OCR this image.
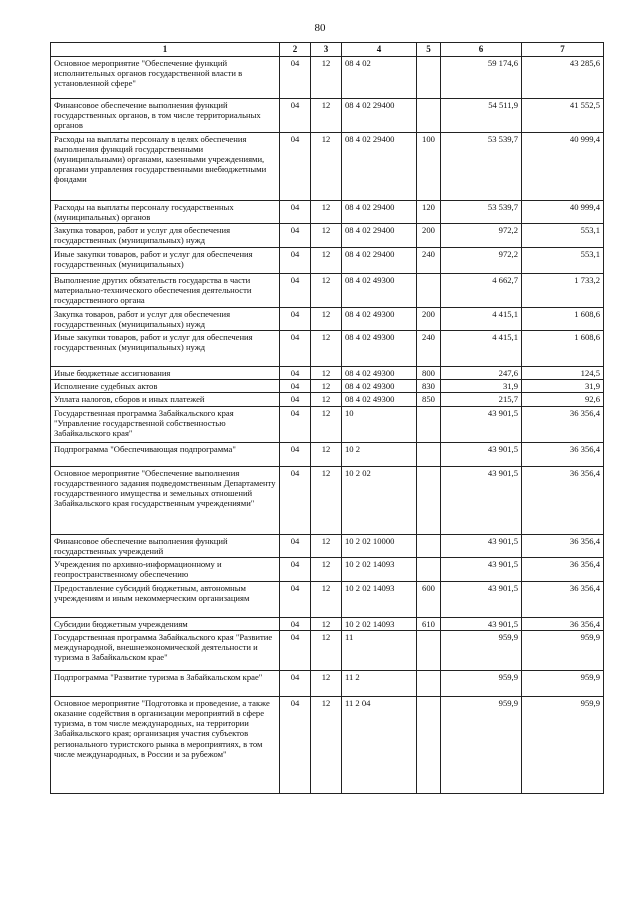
80
1	2	3	4	5	6	7
Основное мероприятие "Обеспечение функций исполнительных органов государственной власти в установленной сфере"	04	12	08 4 02		59 174,6	43 285,6
Финансовое обеспечение выполнения функций государственных органов, в том числе территориальных органов	04	12	08 4 02 29400		54 511,9	41 552,5
Расходы на выплаты персоналу в целях обеспечения выполнения функций государственными (муниципальными) органами, казенными учреждениями, органами управления государственными внебюджетными фондами	04	12	08 4 02 29400	100	53 539,7	40 999,4
Расходы на выплаты персоналу государственных (муниципальных) органов	04	12	08 4 02 29400	120	53 539,7	40 999,4
Закупка товаров, работ и услуг для обеспечения государственных (муниципальных) нужд	04	12	08 4 02 29400	200	972,2	553,1
Иные закупки товаров, работ и услуг для обеспечения государственных (муниципальных)	04	12	08 4 02 29400	240	972,2	553,1
Выполнение других обязательств государства в части материально-технического обеспечения деятельности государственного органа	04	12	08 4 02 49300		4 662,7	1 733,2
Закупка товаров, работ и услуг для обеспечения государственных (муниципальных) нужд	04	12	08 4 02 49300	200	4 415,1	1 608,6
Иные закупки товаров, работ и услуг для обеспечения государственных (муниципальных) нужд	04	12	08 4 02 49300	240	4 415,1	1 608,6
Иные бюджетные ассигнования	04	12	08 4 02 49300	800	247,6	124,5
Исполнение судебных актов	04	12	08 4 02 49300	830	31,9	31,9
Уплата налогов, сборов и иных платежей	04	12	08 4 02 49300	850	215,7	92,6
Государственная программа Забайкальского края "Управление государственной собственностью Забайкальского края"	04	12	10		43 901,5	36 356,4
Подпрограмма "Обеспечивающая подпрограмма"	04	12	10 2		43 901,5	36 356,4
Основное мероприятие "Обеспечение выполнения государственного задания подведомственным Департаменту государственного имущества и земельных отношений Забайкальского края государственным учреждениями"	04	12	10 2 02		43 901,5	36 356,4
Финансовое обеспечение выполнения функций государственных учреждений	04	12	10 2 02 10000		43 901,5	36 356,4
Учреждения по архивно-информационному и геопространственному обеспечению	04	12	10 2 02 14093		43 901,5	36 356,4
Предоставление субсидий бюджетным, автономным учреждениям и иным некоммерческим организациям	04	12	10 2 02 14093	600	43 901,5	36 356,4
Субсидии бюджетным учреждениям	04	12	10 2 02 14093	610	43 901,5	36 356,4
Государственная программа Забайкальского края "Развитие международной, внешнеэкономической деятельности и туризма в Забайкальском крае"	04	12	11		959,9	959,9
Подпрограмма "Развитие туризма в Забайкальском крае"	04	12	11 2		959,9	959,9
Основное мероприятие "Подготовка и проведение, а также оказание содействия в организации мероприятий в сфере туризма, в том числе международных, на территории Забайкальского края; организация участия субъектов регионального туристского рынка в мероприятиях, в том числе международных, в России и за рубежом"	04	12	11 2 04		959,9	959,9
